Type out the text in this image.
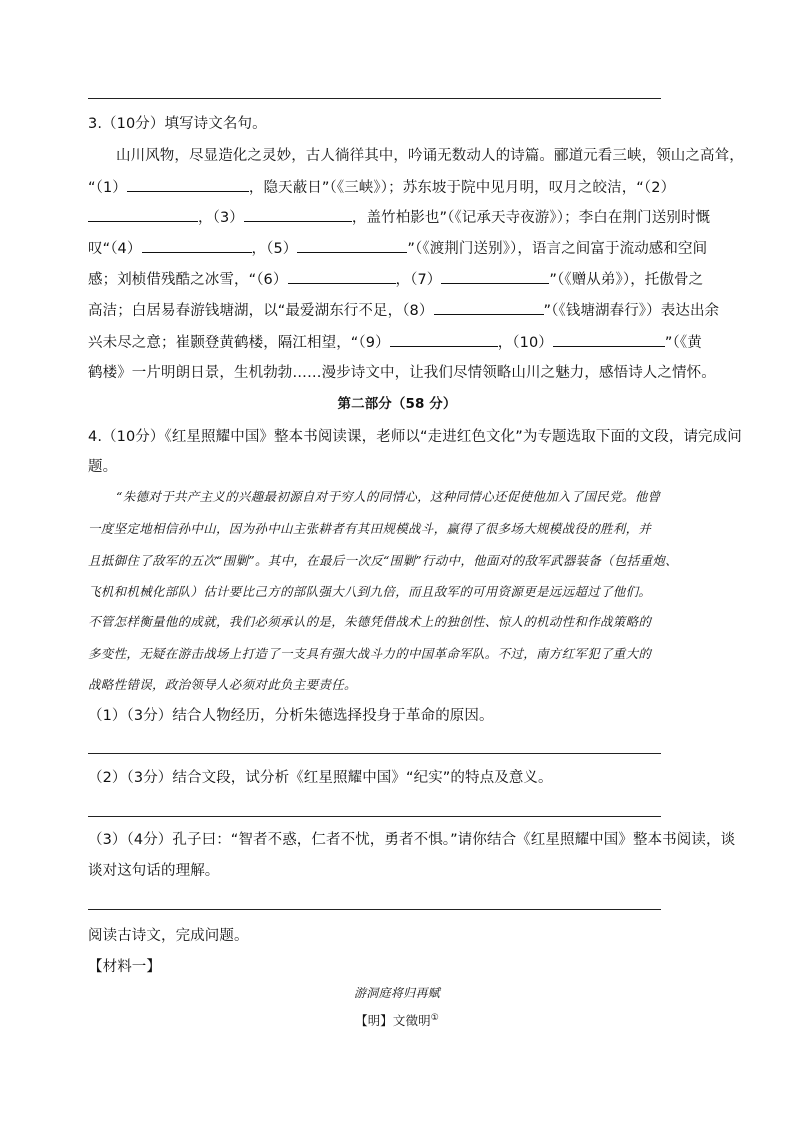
3.（10分）填写诗文名句。
山川风物，尽显造化之灵妙，古人徜徉其中，吟诵无数动人的诗篇。郦道元看三峡，领山之高耸，
“（1）	，隐天蔽日”（《三峡》）；苏东坡于院中见月明，叹月之皎洁，“（2）
，（3）	，盖竹柏影也”（《记承天寺夜游》）；李白在荆门送别时慨
叹“（4）	，（5）	”（《渡荆门送别》），语言之间富于流动感和空间
感；刘桢借残酷之冰雪，“（6）	，（7）	”（《赠从弟》），托傲骨之
高洁；白居易春游钱塘湖，以“最爱湖东行不足，（8）	”（《钱塘湖春行》）表达出余
兴未尽之意；崔颢登黄鹤楼，隔江相望，“（9）	，（10）	”（《黄
鹤楼》一片明朗日景，生机勃勃……漫步诗文中，让我们尽情领略山川之魅力，感悟诗人之情怀。
第二部分（58 分）
4.（10分）《红星照耀中国》整本书阅读课，老师以“走进红色文化”为专题选取下面的文段，请完成问
题。
“朱德对于共产主义的兴趣最初源自对于穷人的同情心，这种同情心还促使他加入了国民党。他曾
一度坚定地相信孙中山，因为孙中山主张耕者有其田规模战斗，赢得了很多场大规模战役的胜利，并
且抵御住了敌军的五次“围剿”。其中，在最后一次反“围剿”行动中，他面对的敌军武器装备（包括重炮、
飞机和机械化部队）估计要比己方的部队强大八到九倍，而且敌军的可用资源更是远远超过了他们。
不管怎样衡量他的成就，我们必须承认的是，朱德凭借战术上的独创性、惊人的机动性和作战策略的
多变性，无疑在游击战场上打造了一支具有强大战斗力的中国革命军队。不过，南方红军犯了重大的
战略性错误，政治领导人必须对此负主要责任。
（1）（3分）结合人物经历，分析朱德选择投身于革命的原因。
（2）（3分）结合文段，试分析《红星照耀中国》“纪实”的特点及意义。
（3）（4分）孔子曰：“智者不惑，仁者不忧，勇者不惧。”请你结合《红星照耀中国》整本书阅读，谈
谈对这句话的理解。
阅读古诗文，完成问题。
【材料一】
游洞庭将归再赋
【明】文徵明①
